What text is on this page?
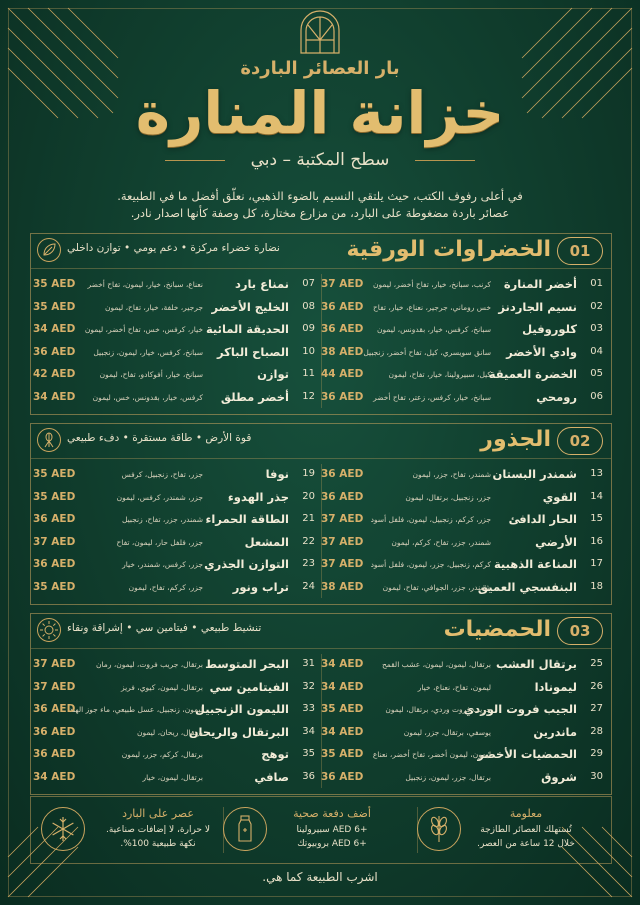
بار العصائر الباردة
خزانة المنارة
سطح المكتبة – دبي
في أعلى رفوف الكتب، حيث يلتقي النسيم بالضوء الذهبي، نعلّق أفضل ما في الطبيعة.
عصائر باردة مضغوطة على البارد، من مزارع مختارة، كل وصفة كأنها اصدار نادر.
01
الخضراوات الورقية
نضارة خضراء مركزة • دعم يومي • توازن داخلي
01
أخضر المنارة
كرنب، سبانخ، خيار، تفاح أخضر، ليمون
37 AED
02
نسيم الجاردنز
خس روماني، جرجير، نعناع، خيار، تفاح
36 AED
03
كلوروفيل
سبانخ، كرفس، خيار، بقدونس، ليمون
36 AED
04
وادي الأخضر
سانق سويسري، كيل، تفاح أخضر، زنجبيل
38 AED
05
الخضرة العميقة
كيل، سبيرولينا، خيار، تفاح، ليمون
44 AED
06
رومحي
سبانخ، خيار، كرفس، زعتر، تفاح أخضر
36 AED
07
نمناع بارد
نعناع، سبانخ، خيار، ليمون، تفاح أخضر
35 AED
08
الخليج الأخضر
جرجير، خلفة، خيار، تفاح، ليمون
35 AED
09
الحديقة المائية
خيار، كرفس، خس، تفاح أخضر، ليمون
34 AED
10
الصباح الباكر
سبانخ، كرفس، خيار، ليمون، زنجبيل
36 AED
11
توازن
سبانخ، خيار، أفوكادو، تفاح، ليمون
42 AED
12
أخضر مطلق
كرفس، خيار، بقدونس، خس، ليمون
34 AED
02
الجذور
قوة الأرض • طاقة مستقرة • دفء طبيعي
13
شمندر البستان
شمندر، تفاح، جزر، ليمون
36 AED
14
القوي
جزر، زنجبيل، برتقال، ليمون
36 AED
15
الحار الدافئ
جزر، كركم، زنجبيل، ليمون، فلفل أسود
37 AED
16
الأرضي
شمندر، جزر، تفاح، كركم، ليمون
37 AED
17
المناعة الذهبية
كركم، زنجبيل، جزر، ليمون، فلفل أسود
37 AED
18
البنفسجي العميق
شمندر، جزر، الجوافي، تفاح، ليمون
38 AED
19
نوفا
جزر، تفاح، زنجبيل، كرفس
35 AED
20
جذر الهدوء
جزر، شمندر، كرفس، ليمون
35 AED
21
الطاقة الحمراء
شمندر، جزر، تفاح، زنجبيل
36 AED
22
المشعل
جزر، فلفل حار، ليمون، تفاح
37 AED
23
التوازن الجذري
جزر، كرفس، شمندر، خيار
36 AED
24
تراب ونور
جزر، كركم، تفاح، ليمون
35 AED
03
الحمضيات
تنشيط طبيعي • فيتامين سي • إشراقة ونقاء
25
برتقال العشب
برتقال، ليمون، ليمون، عشب القمح
34 AED
26
ليمونادا
ليمون، تفاح، نعناع، خيار
34 AED
27
الجيب فروت الوردي
جريب فروت وردي، برتقال، ليمون
35 AED
28
ماندرين
يوسفي، برتقال، جزر، ليمون
34 AED
29
الحمضيات الأخضر
ليمون، ليمون أخضر، تفاح أخضر، نعناع
35 AED
30
شروق
برتقال، جزر، ليمون، زنجبيل
36 AED
31
البحر المتوسط
برتقال، جريب فروت، ليمون، رمان
37 AED
32
الفيتامين سي
برتقال، ليمون، كيوي، فريز
37 AED
33
الليمون الزنجبيل
ليمون، زنجبيل، عسل طبيعي، ماء جوز الهند
36 AED
34
البرتقال والريحان
برتقال، ريحان، ليمون
36 AED
35
توهج
برتقال، كركم، جزر، ليمون
36 AED
36
صافي
برتقال، ليمون، خيار
34 AED
معلومة
تُستهلك العصائر الطازجة
خلال 12 ساعة من العصر.
أضف دفعة صحية
+6 AED سبيرولينا
+6 AED بروبيوتك
عصر على البارد
لا حرارة، لا إضافات صناعية.
نكهة طبيعية 100%.
اشرب الطبيعة كما هي.
